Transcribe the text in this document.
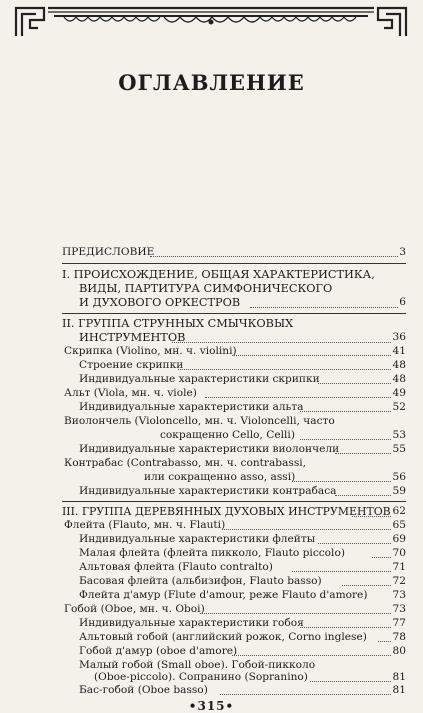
ОГЛАВЛЕНИЕ
ПРЕДИСЛОВИЕ	3
I. ПРОИСХОЖДЕНИЕ, ОБЩАЯ ХАРАКТЕРИСТИКА,
ВИДЫ, ПАРТИТУРА СИМФОНИЧЕСКОГО
И ДУХОВОГО ОРКЕСТРОВ	6
II. ГРУППА СТРУННЫХ СМЫЧКОВЫХ
ИНСТРУМЕНТОВ	36
Скрипка (Violino, мн. ч. violini)	41
Строение скрипки	48
Индивидуальные характеристики скрипки	48
Альт (Viola, мн. ч. viole)	49
Индивидуальные характеристики альта	52
Виолончель (Violoncello, мн. ч. Violoncelli, часто
сокращенно Cello, Celli)	53
Индивидуальные характеристики виолончели	55
Контрабас (Contrabasso, мн. ч. contrabassi,
или сокращенно asso, assi)	56
Индивидуальные характеристики контрабаса	59
III. ГРУППА ДЕРЕВЯННЫХ ДУХОВЫХ ИНСТРУМЕНТОВ 62
Флейта (Flauto, мн. ч. Flauti)	65
Индивидуальные характеристики флейты	69
Малая флейта (флейта пикколо, Flauto piccolo)	70
Альтовая флейта (Flauto contralto)	71
Басовая флейта (альбизифон, Flauto basso)	72
Флейта д'амур (Flute d'amour, реже Flauto d'amore)	73
Гобой (Oboe, мн. ч. Oboi)	73
Индивидуальные характеристики гобоя	77
Альтовый гобой (английский рожок, Corno inglese)	78
Гобой д'амур (oboe d'amore)	80
Малый гобой (Small oboe). Гобой-пикколо
(Oboe-piccolo). Сопранино (Sopranino)	81
Бас-гобой (Oboe basso)	81
•315•
